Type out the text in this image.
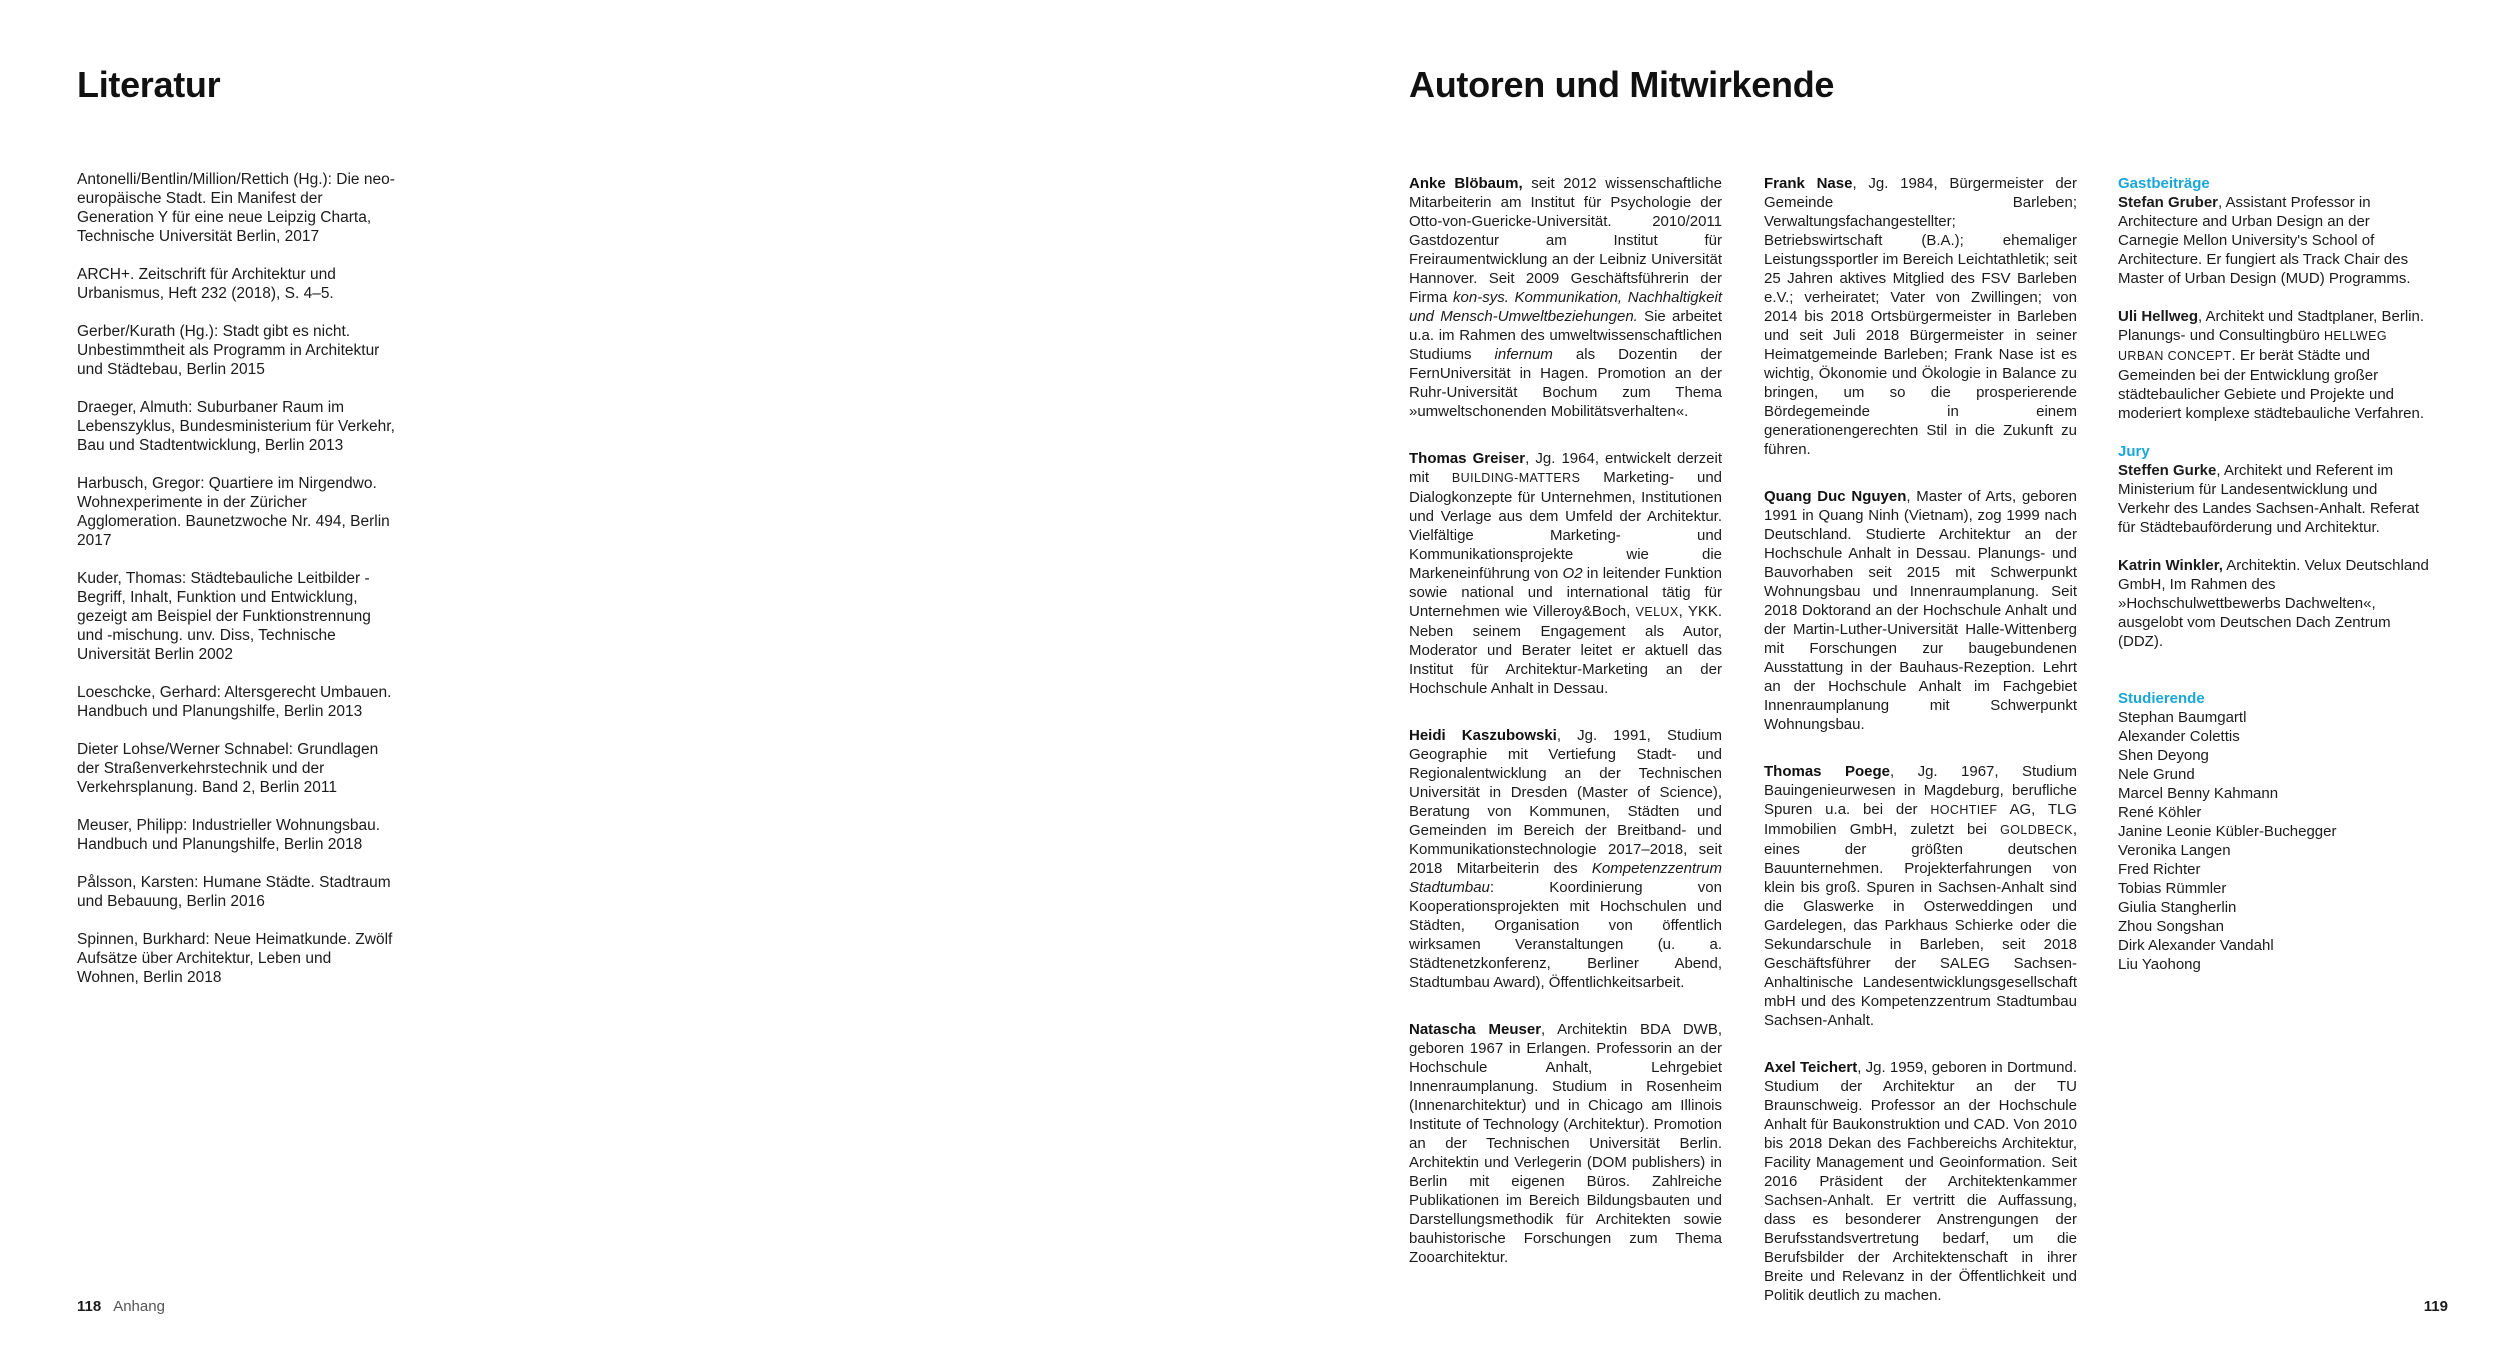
Literatur

Antonelli/Bentlin/Million/Rettich (Hg.): Die neo-europäische Stadt. Ein Manifest der Generation Y für eine neue Leipzig Charta, Technische Universität Berlin, 2017

ARCH+. Zeitschrift für Architektur und Urbanismus, Heft 232 (2018), S. 4–5.

Gerber/Kurath (Hg.): Stadt gibt es nicht. Unbestimmtheit als Programm in Architektur und Städtebau, Berlin 2015

Draeger, Almuth: Suburbaner Raum im Lebenszyklus, Bundesministerium für Verkehr, Bau und Stadtentwicklung, Berlin 2013

Harbusch, Gregor: Quartiere im Nirgendwo. Wohnexperimente in der Züricher Agglomeration. Baunetzwoche Nr. 494, Berlin 2017

Kuder, Thomas: Städtebauliche Leitbilder - Begriff, Inhalt, Funktion und Entwicklung, gezeigt am Beispiel der Funktionstrennung und -mischung. unv. Diss, Technische Universität Berlin 2002

Loeschcke, Gerhard: Altersgerecht Umbauen. Handbuch und Planungshilfe, Berlin 2013

Dieter Lohse/Werner Schnabel: Grundlagen der Straßenverkehrstechnik und der Verkehrsplanung. Band 2, Berlin 2011

Meuser, Philipp: Industrieller Wohnungsbau. Handbuch und Planungshilfe, Berlin 2018

Pålsson, Karsten: Humane Städte. Stadtraum und Bebauung, Berlin 2016

Spinnen, Burkhard: Neue Heimatkunde. Zwölf Aufsätze über Architektur, Leben und Wohnen, Berlin 2018

118 Anhang
Autoren und Mitwirkende

Anke Blöbaum, seit 2012 wissenschaftliche Mitarbeiterin am Institut für Psychologie der Otto-von-Guericke-Universität. 2010/2011 Gastdozentur am Institut für Freiraumentwicklung an der Leibniz Universität Hannover. Seit 2009 Geschäftsführerin der Firma kon-sys. Kommunikation, Nachhaltigkeit und Mensch-Umweltbeziehungen. Sie arbeitet u.a. im Rahmen des umweltwissenschaftlichen Studiums infernum als Dozentin der FernUniversität in Hagen. Promotion an der Ruhr-Universität Bochum zum Thema »umweltschonenden Mobilitätsverhalten«.

Thomas Greiser, Jg. 1964, entwickelt derzeit mit BUILDING-MATTERS Marketing- und Dialogkonzepte für Unternehmen, Institutionen und Verlage aus dem Umfeld der Architektur. Vielfältige Marketing- und Kommunikationsprojekte wie die Markeneinführung von O2 in leitender Funktion sowie national und international tätig für Unternehmen wie Villeroy&Boch, VELUX, YKK. Neben seinem Engagement als Autor, Moderator und Berater leitet er aktuell das Institut für Architektur-Marketing an der Hochschule Anhalt in Dessau.

Heidi Kaszubowski, Jg. 1991, Studium Geographie mit Vertiefung Stadt- und Regionalentwicklung an der Technischen Universität in Dresden (Master of Science), Beratung von Kommunen, Städten und Gemeinden im Bereich der Breitband- und Kommunikationstechnologie 2017–2018, seit 2018 Mitarbeiterin des Kompetenzzentrum Stadtumbau: Koordinierung von Kooperationsprojekten mit Hochschulen und Städten, Organisation von öffentlich wirksamen Veranstaltungen (u. a. Städtenetzkonferenz, Berliner Abend, Stadtumbau Award), Öffentlichkeitsarbeit.

Natascha Meuser, Architektin BDA DWB, geboren 1967 in Erlangen. Professorin an der Hochschule Anhalt, Lehrgebiet Innenraumplanung. Studium in Rosenheim (Innenarchitektur) und in Chicago am Illinois Institute of Technology (Architektur). Promotion an der Technischen Universität Berlin. Architektin und Verlegerin (DOM publishers) in Berlin mit eigenen Büros. Zahlreiche Publikationen im Bereich Bildungsbauten und Darstellungsmethodik für Architekten sowie bauhistorische Forschungen zum Thema Zooarchitektur.

Frank Nase, Jg. 1984, Bürgermeister der Gemeinde Barleben; Verwaltungsfachangestellter; Betriebswirtschaft (B.A.); ehemaliger Leistungssportler im Bereich Leichtathletik; seit 25 Jahren aktives Mitglied des FSV Barleben e.V.; verheiratet; Vater von Zwillingen; von 2014 bis 2018 Ortsbürgermeister in Barleben und seit Juli 2018 Bürgermeister in seiner Heimatgemeinde Barleben; Frank Nase ist es wichtig, Ökonomie und Ökologie in Balance zu bringen, um so die prosperierende Bördegemeinde in einem generationengerechten Stil in die Zukunft zu führen.

Quang Duc Nguyen, Master of Arts, geboren 1991 in Quang Ninh (Vietnam), zog 1999 nach Deutschland. Studierte Architektur an der Hochschule Anhalt in Dessau. Planungs- und Bauvorhaben seit 2015 mit Schwerpunkt Wohnungsbau und Innenraumplanung. Seit 2018 Doktorand an der Hochschule Anhalt und der Martin-Luther-Universität Halle-Wittenberg mit Forschungen zur baugebundenen Ausstattung in der Bauhaus-Rezeption. Lehrt an der Hochschule Anhalt im Fachgebiet Innenraumplanung mit Schwerpunkt Wohnungsbau.

Thomas Poege, Jg. 1967, Studium Bauingenieurwesen in Magdeburg, berufliche Spuren u.a. bei der HOCHTIEF AG, TLG Immobilien GmbH, zuletzt bei GOLDBECK, eines der größten deutschen Bauunternehmen. Projekterfahrungen von klein bis groß. Spuren in Sachsen-Anhalt sind die Glaswerke in Osterweddingen und Gardelegen, das Parkhaus Schierke oder die Sekundarschule in Barleben, seit 2018 Geschäftsführer der SALEG Sachsen-Anhaltinische Landesentwicklungsgesellschaft mbH und des Kompetenzzentrum Stadtumbau Sachsen-Anhalt.

Axel Teichert, Jg. 1959, geboren in Dortmund. Studium der Architektur an der TU Braunschweig. Professor an der Hochschule Anhalt für Baukonstruktion und CAD. Von 2010 bis 2018 Dekan des Fachbereichs Architektur, Facility Management und Geoinformation. Seit 2016 Präsident der Architektenkammer Sachsen-Anhalt. Er vertritt die Auffassung, dass es besonderer Anstrengungen der Berufsstandsvertretung bedarf, um die Berufsbilder der Architektenschaft in ihrer Breite und Relevanz in der Öffentlichkeit und Politik deutlich zu machen.

Gastbeiträge

Stefan Gruber, Assistant Professor in Architecture and Urban Design an der Carnegie Mellon University's School of Architecture. Er fungiert als Track Chair des Master of Urban Design (MUD) Programms.

Uli Hellweg, Architekt und Stadtplaner, Berlin. Planungs- und Consultingbüro HELLWEG URBAN CONCEPT. Er berät Städte und Gemeinden bei der Entwicklung großer städtebaulicher Gebiete und Projekte und moderiert komplexe städtebauliche Verfahren.

Jury

Steffen Gurke, Architekt und Referent im Ministerium für Landesentwicklung und Verkehr des Landes Sachsen-Anhalt. Referat für Städtebauförderung und Architektur.

Katrin Winkler, Architektin. Velux Deutschland GmbH, Im Rahmen des »Hochschulwettbewerbs Dachwelten«, ausgelobt vom Deutschen Dach Zentrum (DDZ).

Studierende

Stephan Baumgartl

Alexander Colettis

Shen Deyong

Nele Grund

Marcel Benny Kahmann

René Köhler

Janine Leonie Kübler-Buchegger

Veronika Langen

Fred Richter

Tobias Rümmler

Giulia Stangherlin

Zhou Songshan

Dirk Alexander Vandahl

Liu Yaohong

119
